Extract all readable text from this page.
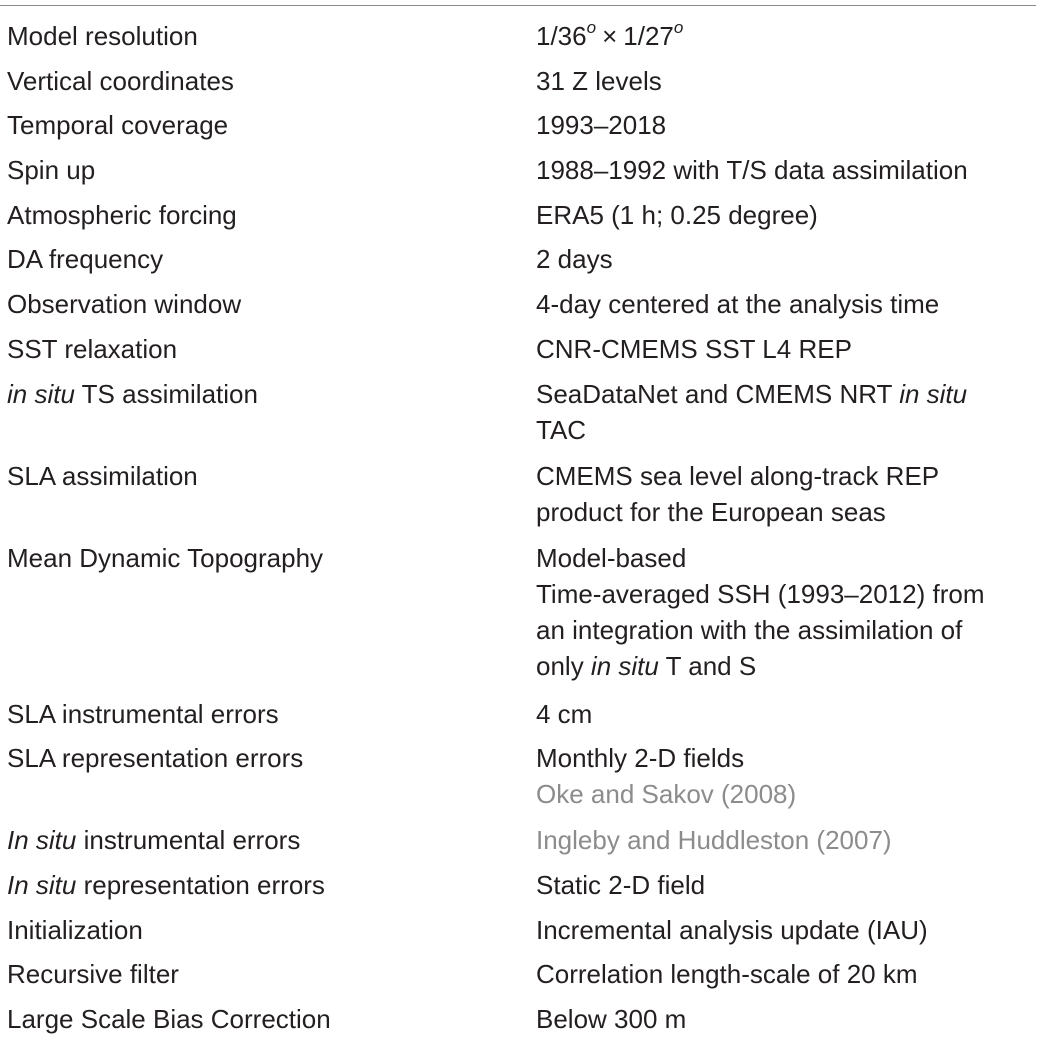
Model resolution	$1/36^o \times 1/27^o$
Vertical coordinates	31 Z levels
Temporal coverage	1993–2018
Spin up	1988–1992 with T/S data assimilation
Atmospheric forcing	ERA5 (1 h; 0.25 degree)
DA frequency	2 days
Observation window	4-day centered at the analysis time
SST relaxation	CNR-CMEMS SST L4 REP
in situ TS assimilation	SeaDataNet and CMEMS NRT in situ
TAC

SLA assimilation	CMEMS sea level along-track REP
product for the European seas

Mean Dynamic Topography	Model-based
Time-averaged SSH (1993–2012) from
an integration with the assimilation of
only in situ T and S

SLA instrumental errors	4 cm
SLA representation errors	Monthly 2-D fields
Oke and Sakov (2008)

In situ instrumental errors	Ingleby and Huddleston (2007)
In situ representation errors	Static 2-D field
Initialization	Incremental analysis update (IAU)
Recursive filter	Correlation length-scale of 20 km
Large Scale Bias Correction	Below 300 m
